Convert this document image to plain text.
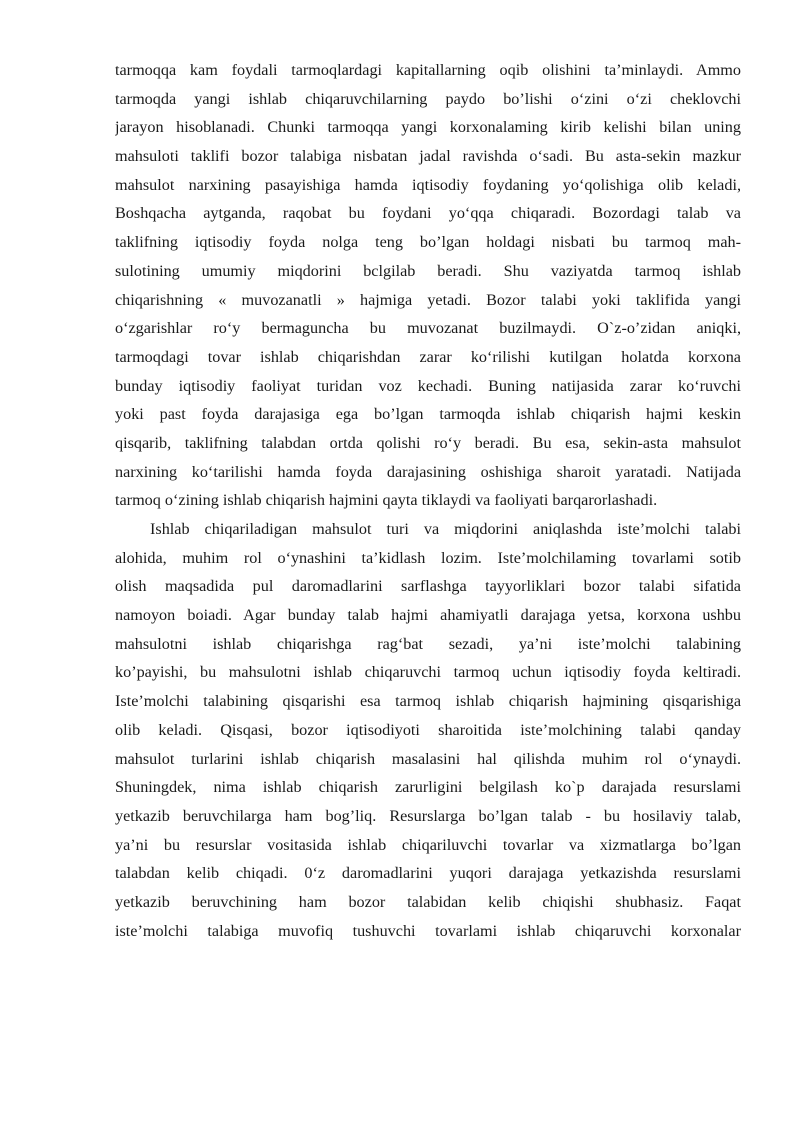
tarmoqqa kam foydali tarmoqlardagi kapitallarning oqib olishini ta’minlaydi. Ammo
tarmoqda yangi ishlab chiqaruvchilarning paydo bo’lishi o‘zini o‘zi cheklovchi
jarayon hisoblanadi. Chunki tarmoqqa yangi korxonalaming kirib kelishi bilan uning
mahsuloti taklifi bozor talabiga nisbatan jadal ravishda o‘sadi. Bu asta-sekin mazkur
mahsulot narxining pasayishiga hamda iqtisodiy foydaning yo‘qolishiga olib keladi,
Boshqacha aytganda, raqobat bu foydani yo‘qqa chiqaradi. Bozordagi talab va
taklifning iqtisodiy foyda nolga teng bo’lgan holdagi nisbati bu tarmoq mah-
sulotining umumiy miqdorini bclgilab beradi. Shu vaziyatda tarmoq ishlab
chiqarishning « muvozanatli » hajmiga yetadi. Bozor talabi yoki taklifida yangi
o‘zgarishlar ro‘y bermaguncha bu muvozanat buzilmaydi. O`z-o’zidan aniqki,
tarmoqdagi tovar ishlab chiqarishdan zarar ko‘rilishi kutilgan holatda korxona
bunday iqtisodiy faoliyat turidan voz kechadi. Buning natijasida zarar ko‘ruvchi
yoki past foyda darajasiga ega bo’lgan tarmoqda ishlab chiqarish hajmi keskin
qisqarib, taklifning talabdan ortda qolishi ro‘y beradi. Bu esa, sekin-asta mahsulot
narxining ko‘tarilishi hamda foyda darajasining oshishiga sharoit yaratadi. Natijada
tarmoq o‘zining ishlab chiqarish hajmini qayta tiklaydi va faoliyati barqarorlashadi.
Ishlab chiqariladigan mahsulot turi va miqdorini aniqlashda iste’molchi talabi
alohida, muhim rol o‘ynashini ta’kidlash lozim. Iste’molchilaming tovarlami sotib
olish maqsadida pul daromadlarini sarflashga tayyorliklari bozor talabi sifatida
namoyon boiadi. Agar bunday talab hajmi ahamiyatli darajaga yetsa, korxona ushbu
mahsulotni ishlab chiqarishga rag‘bat sezadi, ya’ni iste’molchi talabining
ko’payishi, bu mahsulotni ishlab chiqaruvchi tarmoq uchun iqtisodiy foyda keltiradi.
Iste’molchi talabining qisqarishi esa tarmoq ishlab chiqarish hajmining qisqarishiga
olib keladi. Qisqasi, bozor iqtisodiyoti sharoitida iste’molchining talabi qanday
mahsulot turlarini ishlab chiqarish masalasini hal qilishda muhim rol o‘ynaydi.
Shuningdek, nima ishlab chiqarish zarurligini belgilash ko`p darajada resurslami
yetkazib beruvchilarga ham bog’liq. Resurslarga bo’lgan talab - bu hosilaviy talab,
ya’ni bu resurslar vositasida ishlab chiqariluvchi tovarlar va xizmatlarga bo’lgan
talabdan kelib chiqadi. 0‘z daromadlarini yuqori darajaga yetkazishda resurslami
yetkazib beruvchining ham bozor talabidan kelib chiqishi shubhasiz. Faqat
iste’molchi talabiga muvofiq tushuvchi tovarlami ishlab chiqaruvchi korxonalar
